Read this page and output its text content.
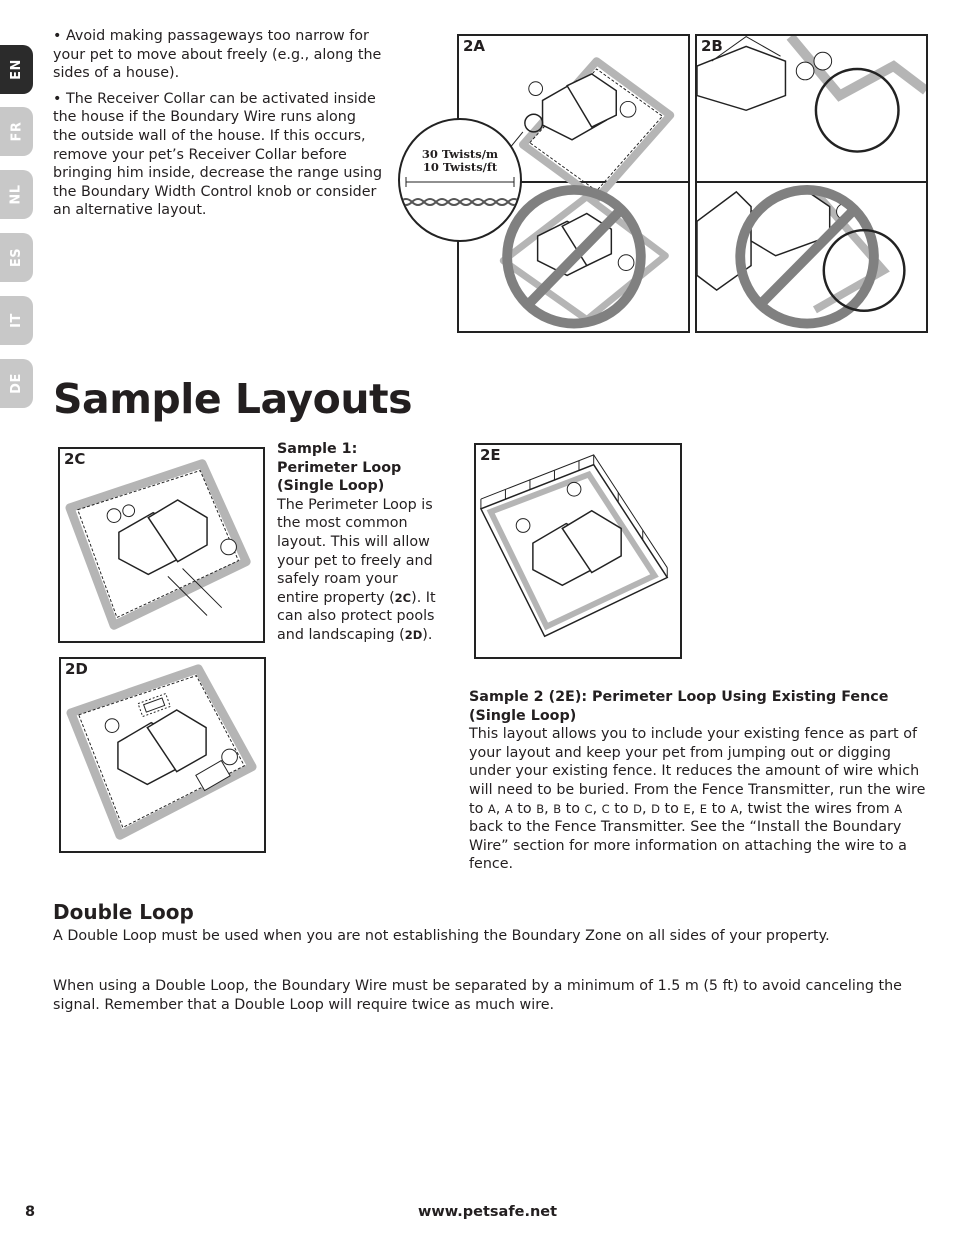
EN
FR
NL
ES
IT
DE

• Avoid making passageways too narrow for your pet to move about freely (e.g., along the sides of a house).

• The Receiver Collar can be activated inside the house if the Boundary Wire runs along the outside wall of the house. If this occurs, remove your pet’s Receiver Collar before bringing him inside, decrease the range using the Boundary Width Control knob or consider an alternative layout.

2A
30 Twists/m
10 Twists/ft
2B
Sample Layouts
2C

Sample 1: Perimeter Loop (Single Loop)

The Perimeter Loop is the most common layout. This will allow your pet to freely and safely roam your entire property (2C). It can also protect pools and landscaping (2D).

2D
2E

Sample 2 (2E): Perimeter Loop Using Existing Fence (Single Loop)

This layout allows you to include your existing fence as part of your layout and keep your pet from jumping out or digging under your existing fence. It reduces the amount of wire which will need to be buried. From the Fence Transmitter, run the wire to A, A to B, B to C, C to D, D to E, E to A, twist the wires from A back to the Fence Transmitter. See the “Install the Boundary Wire” section for more information on attaching the wire to a fence.

Double Loop
A Double Loop must be used when you are not establishing the Boundary Zone on all sides of your property.
When using a Double Loop, the Boundary Wire must be separated by a minimum of 1.5 m (5 ft) to avoid canceling the signal. Remember that a Double Loop will require twice as much wire.
8	www.petsafe.net
